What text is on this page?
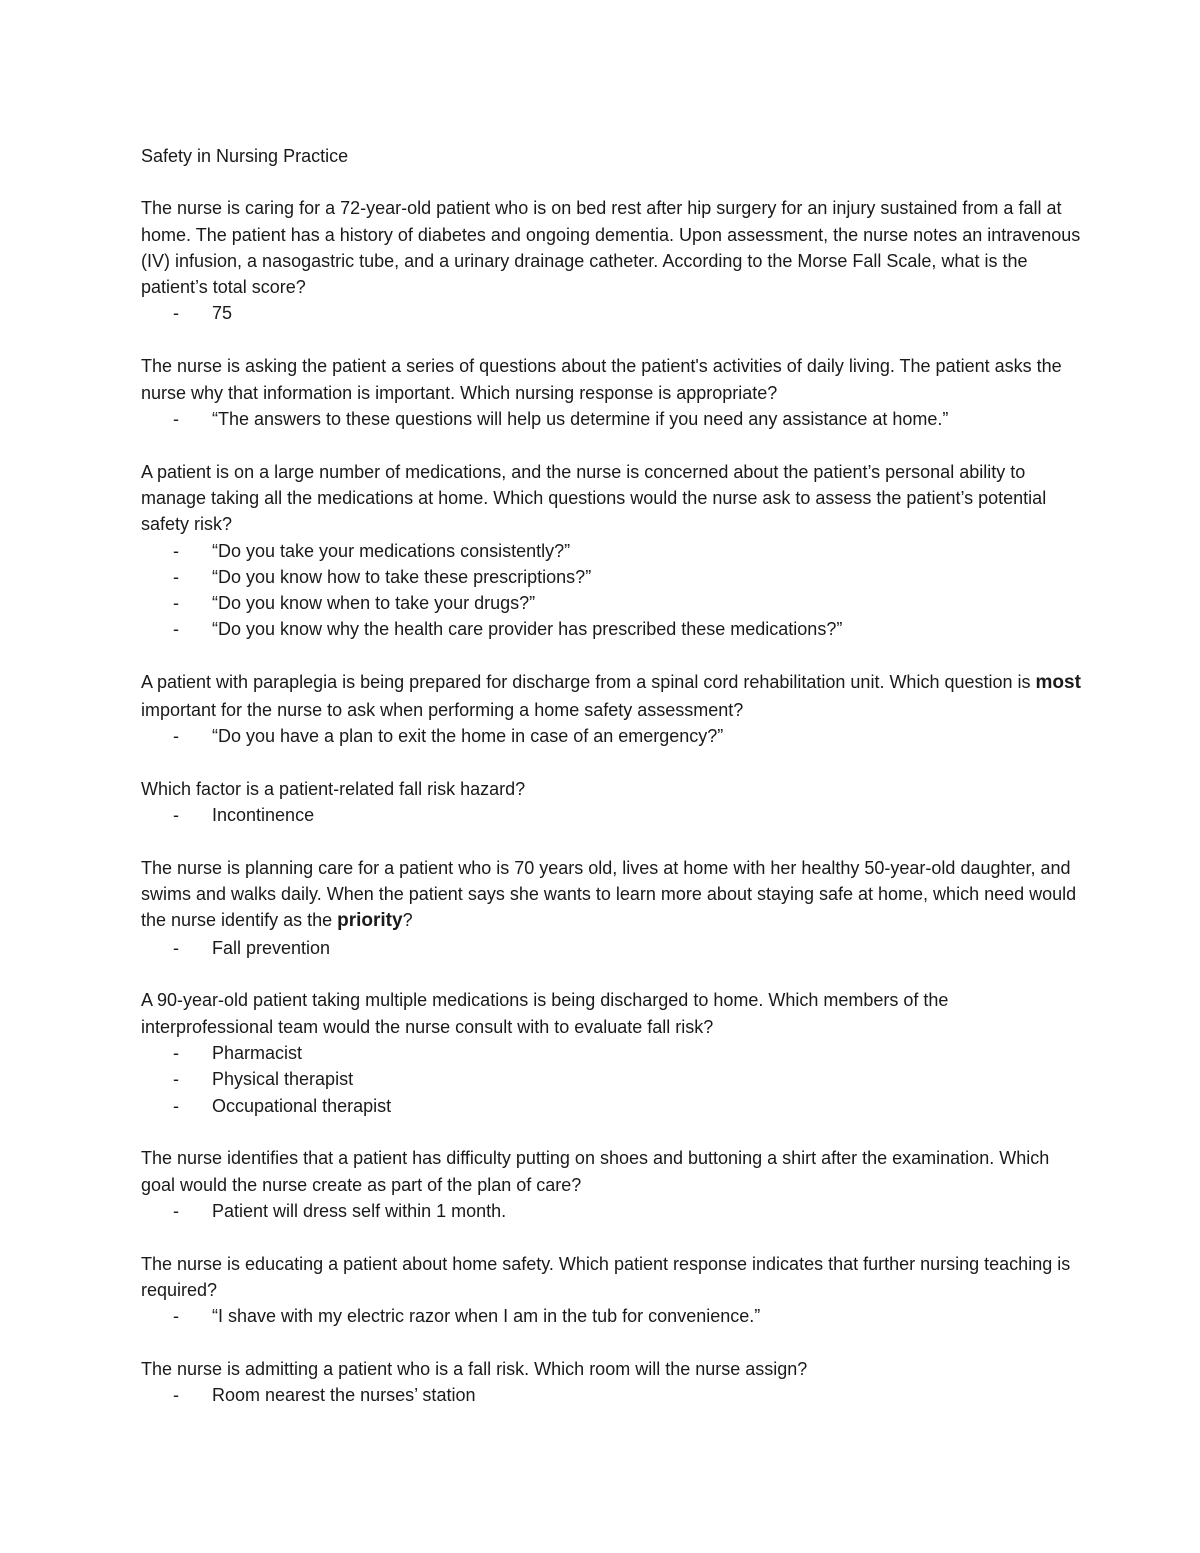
Safety in Nursing Practice

The nurse is caring for a 72-year-old patient who is on bed rest after hip surgery for an injury sustained from a fall at home. The patient has a history of diabetes and ongoing dementia. Upon assessment, the nurse notes an intravenous (IV) infusion, a nasogastric tube, and a urinary drainage catheter. According to the Morse Fall Scale, what is the patient’s total score?

- 75

The nurse is asking the patient a series of questions about the patient's activities of daily living. The patient asks the nurse why that information is important. Which nursing response is appropriate?

- “The answers to these questions will help us determine if you need any assistance at home.”

A patient is on a large number of medications, and the nurse is concerned about the patient’s personal ability to manage taking all the medications at home. Which questions would the nurse ask to assess the patient’s potential safety risk?

- “Do you take your medications consistently?”
- “Do you know how to take these prescriptions?”
- “Do you know when to take your drugs?”
- “Do you know why the health care provider has prescribed these medications?”

A patient with paraplegia is being prepared for discharge from a spinal cord rehabilitation unit. Which question is most important for the nurse to ask when performing a home safety assessment?

- “Do you have a plan to exit the home in case of an emergency?”

Which factor is a patient-related fall risk hazard?

- Incontinence

The nurse is planning care for a patient who is 70 years old, lives at home with her healthy 50-year-old daughter, and swims and walks daily. When the patient says she wants to learn more about staying safe at home, which need would the nurse identify as the priority?

- Fall prevention

A 90-year-old patient taking multiple medications is being discharged to home. Which members of the interprofessional team would the nurse consult with to evaluate fall risk?

- Pharmacist
- Physical therapist
- Occupational therapist

The nurse identifies that a patient has difficulty putting on shoes and buttoning a shirt after the examination. Which goal would the nurse create as part of the plan of care?

- Patient will dress self within 1 month.

The nurse is educating a patient about home safety. Which patient response indicates that further nursing teaching is required?

- “I shave with my electric razor when I am in the tub for convenience.”

The nurse is admitting a patient who is a fall risk. Which room will the nurse assign?

- Room nearest the nurses’ station
